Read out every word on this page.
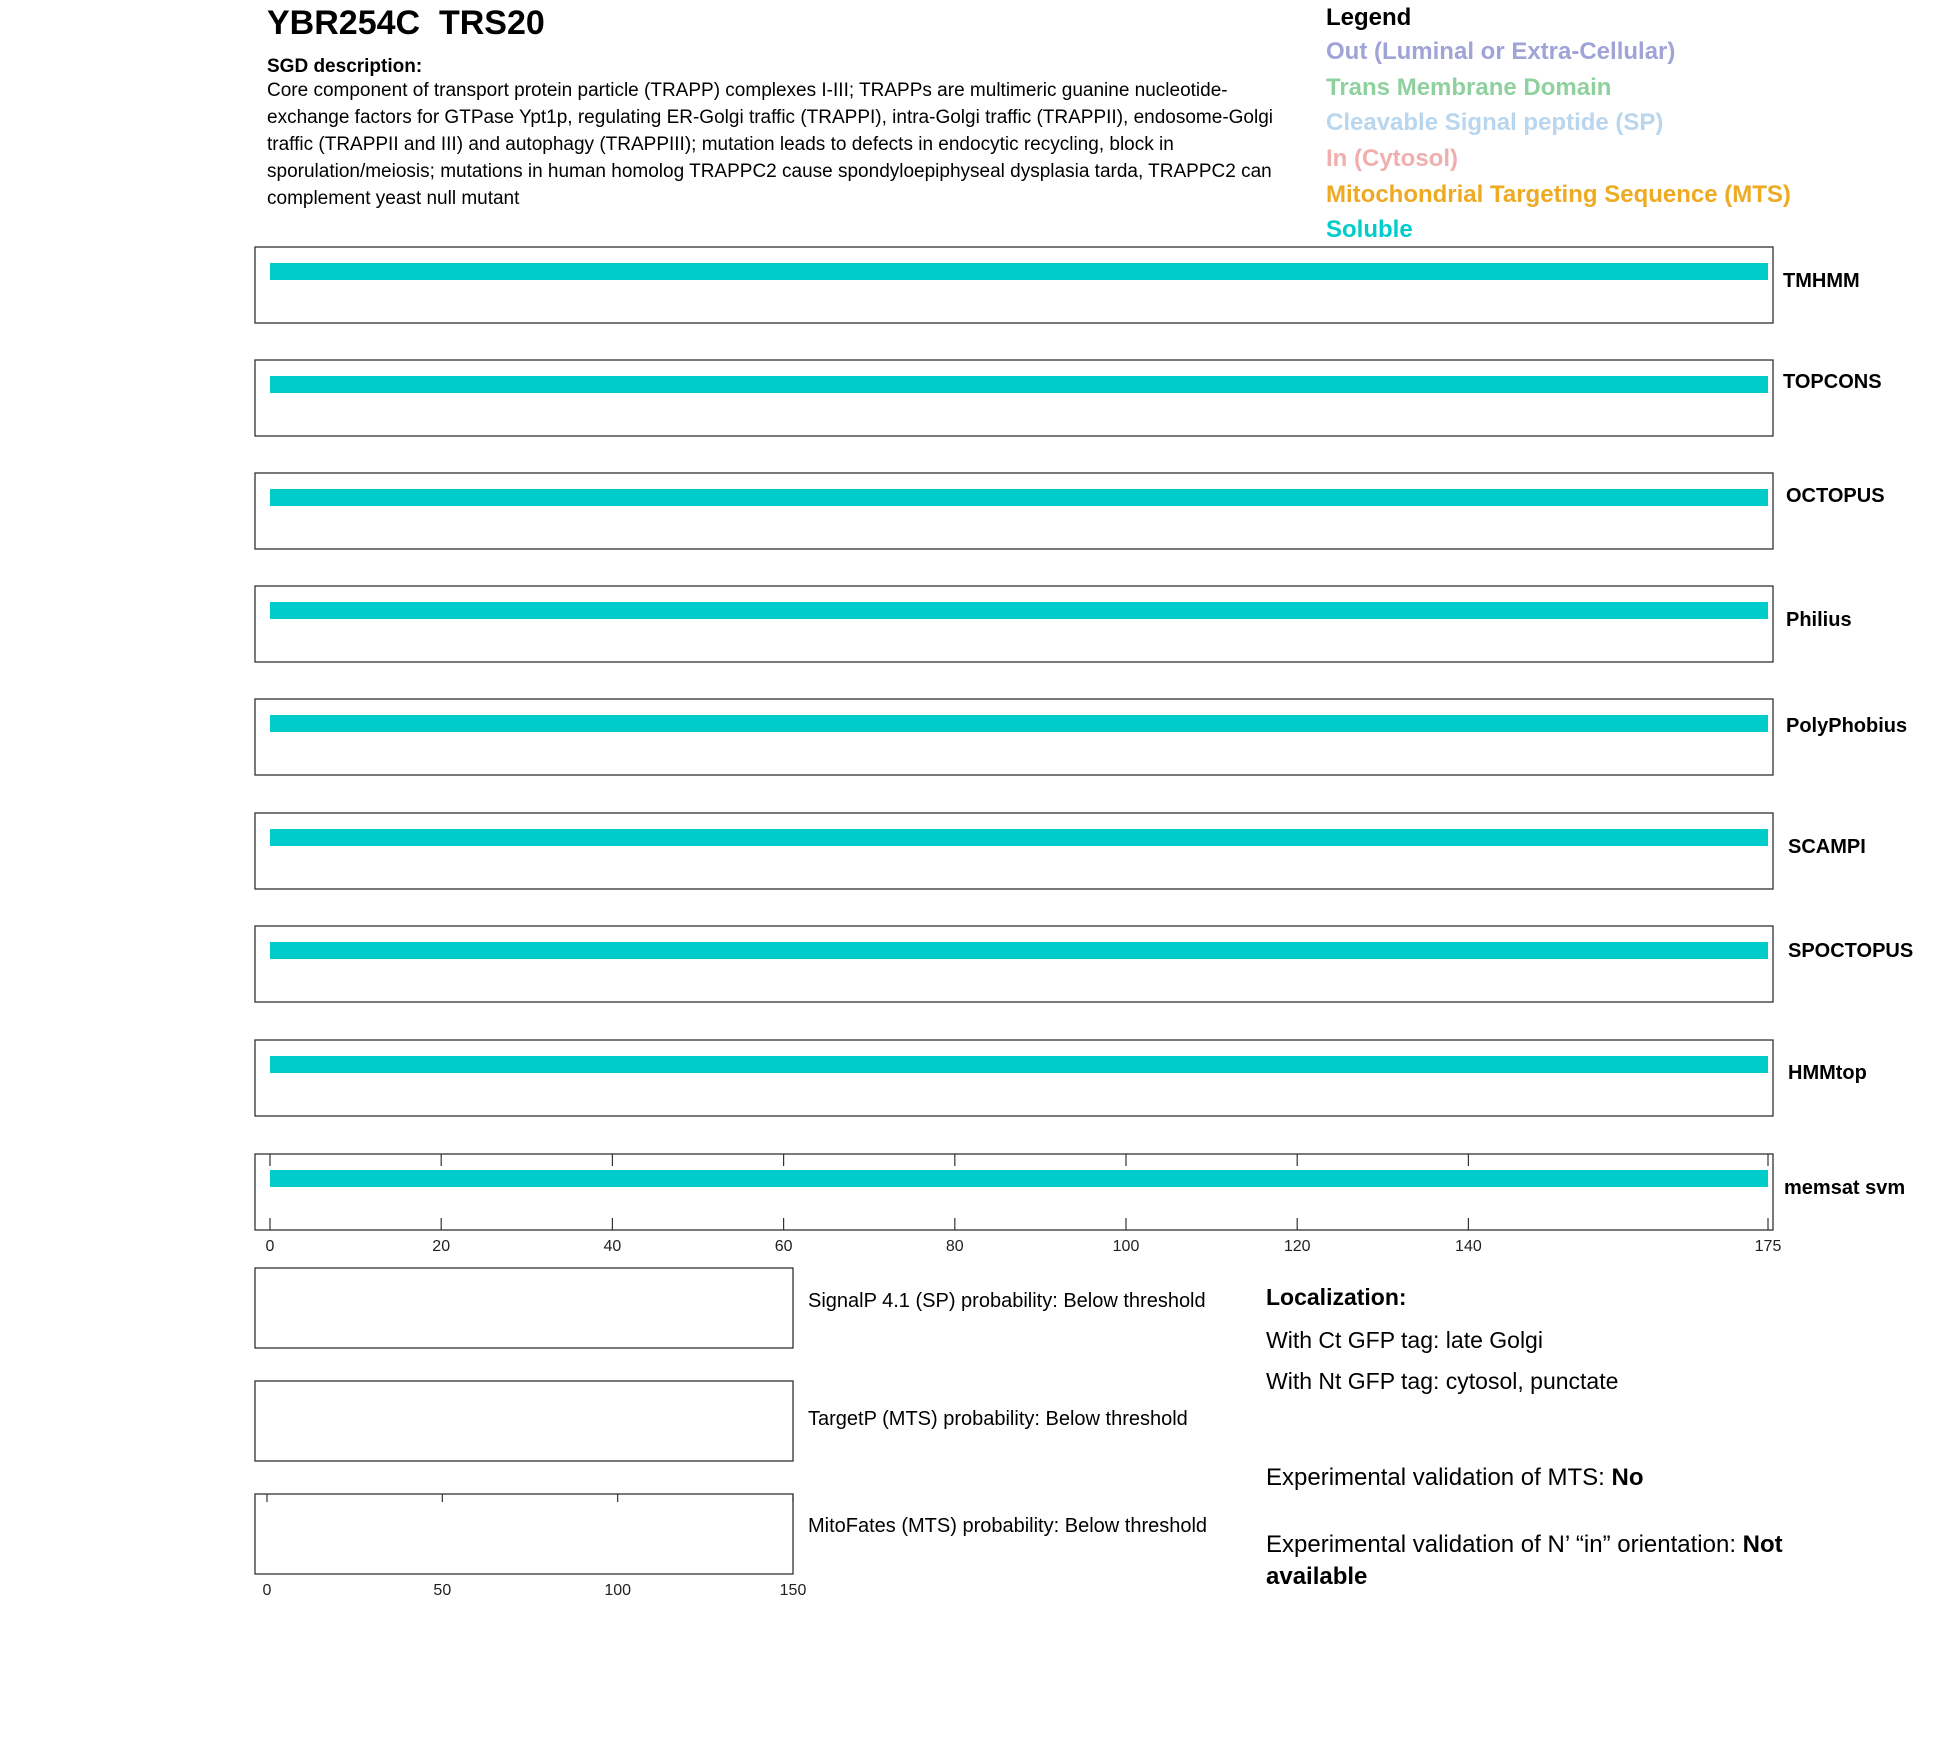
YBR254C TRS20
SGD description:
Core component of transport protein particle (TRAPP) complexes I-III; TRAPPs are multimeric guanine nucleotide-exchange factors for GTPase Ypt1p, regulating ER-Golgi traffic (TRAPPI), intra-Golgi traffic (TRAPPII), endosome-Golgi traffic (TRAPPII and III) and autophagy (TRAPPIII); mutation leads to defects in endocytic recycling, block in sporulation/meiosis; mutations in human homolog TRAPPC2 cause spondyloepiphyseal dysplasia tarda, TRAPPC2 can complement yeast null mutant
Legend
Out (Luminal or Extra-Cellular)
Trans Membrane Domain
Cleavable Signal peptide (SP)
In (Cytosol)
Mitochondrial Targeting Sequence (MTS)
Soluble
0	20	40	60	80	100	120	140	175
TMHMM
TOPCONS
OCTOPUS
Philius
PolyPhobius
SCAMPI
SPOCTOPUS
HMMtop
memsat svm
0	50	100	150
SignalP 4.1 (SP) probability: Below threshold
TargetP (MTS) probability: Below threshold
MitoFates (MTS) probability: Below threshold
Localization:
With Ct GFP tag: late Golgi
With Nt GFP tag: cytosol, punctate
Experimental validation of MTS: No
Experimental validation of N’ “in” orientation: Not available
